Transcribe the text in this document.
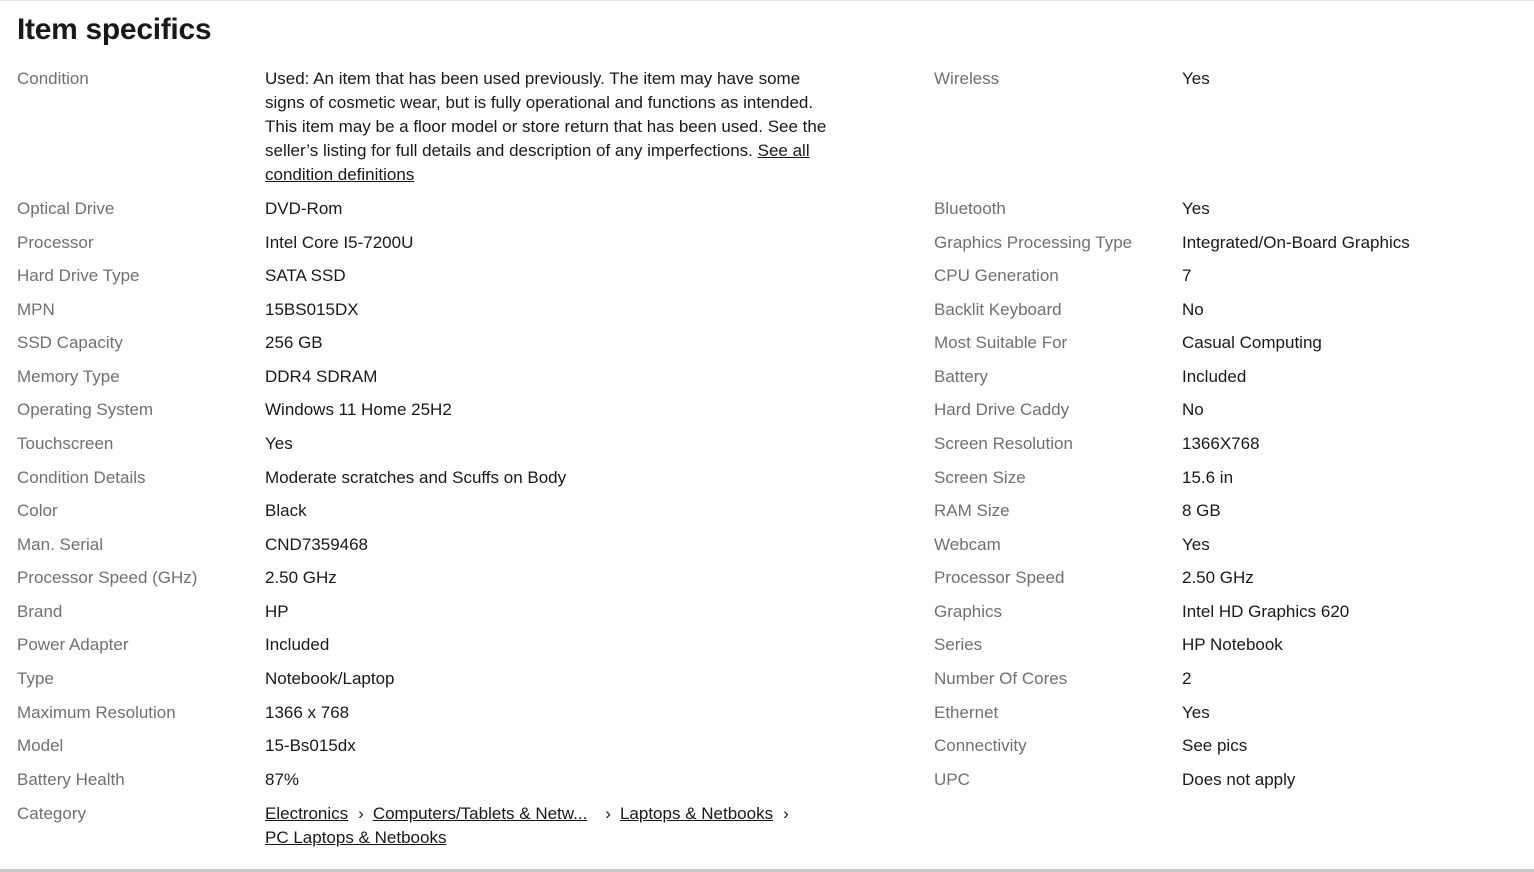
Item specifics
Condition	Used: An item that has been used previously. The item may have some signs of cosmetic wear, but is fully operational and functions as intended. This item may be a floor model or store return that has been used. See the seller’s listing for full details and description of any imperfections. See all condition definitions
Wireless	Yes
Optical Drive	DVD-Rom	Bluetooth	Yes
Processor	Intel Core I5-7200U	Graphics Processing Type	Integrated/On-Board Graphics
Hard Drive Type	SATA SSD	CPU Generation	7
MPN	15BS015DX	Backlit Keyboard	No
SSD Capacity	256 GB	Most Suitable For	Casual Computing
Memory Type	DDR4 SDRAM	Battery	Included
Operating System	Windows 11 Home 25H2	Hard Drive Caddy	No
Touchscreen	Yes	Screen Resolution	1366X768
Condition Details	Moderate scratches and Scuffs on Body	Screen Size	15.6 in
Color	Black	RAM Size	8 GB
Man. Serial	CND7359468	Webcam	Yes
Processor Speed (GHz)	2.50 GHz	Processor Speed	2.50 GHz
Brand	HP	Graphics	Intel HD Graphics 620
Power Adapter	Included	Series	HP Notebook
Type	Notebook/Laptop	Number Of Cores	2
Maximum Resolution	1366 x 768	Ethernet	Yes
Model	15-Bs015dx	Connectivity	See pics
Battery Health	87%	UPC	Does not apply
Category	Electronics › Computers/Tablets & Netw... › Laptops & Netbooks ›
PC Laptops & Netbooks
